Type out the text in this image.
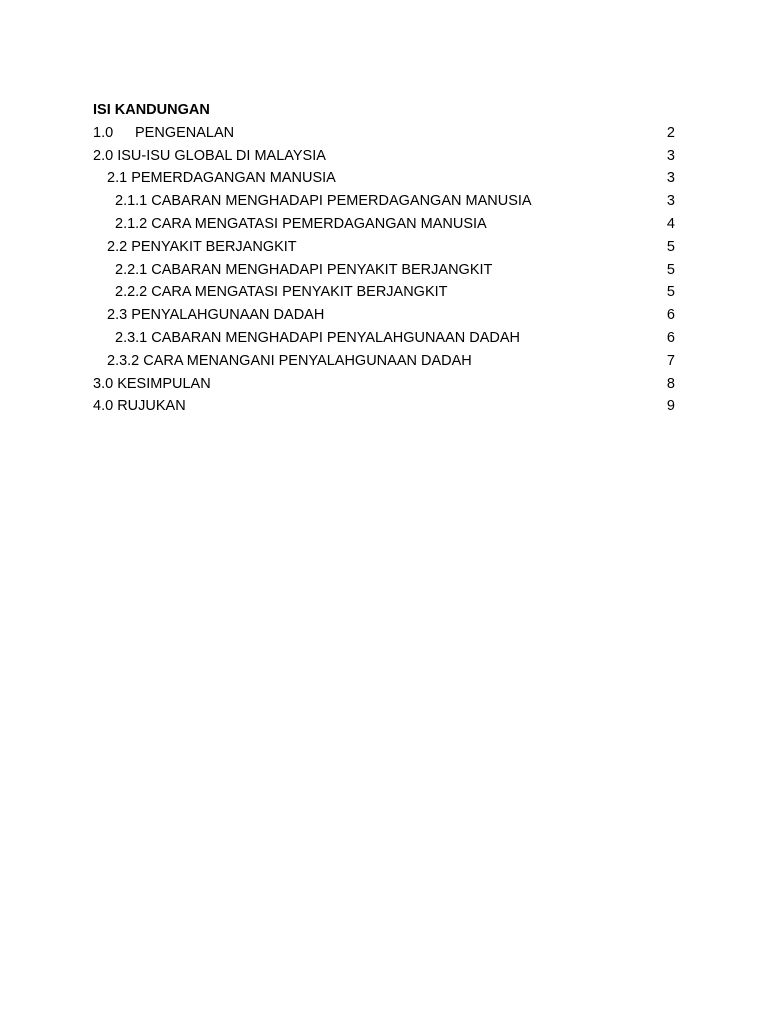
ISI KANDUNGAN
1.0 PENGENALAN	2
2.0 ISU-ISU GLOBAL DI MALAYSIA	3
2.1 PEMERDAGANGAN MANUSIA	3
2.1.1 CABARAN MENGHADAPI PEMERDAGANGAN MANUSIA	3
2.1.2 CARA MENGATASI PEMERDAGANGAN MANUSIA	4
2.2 PENYAKIT BERJANGKIT	5
2.2.1 CABARAN MENGHADAPI PENYAKIT BERJANGKIT	5
2.2.2 CARA MENGATASI PENYAKIT BERJANGKIT	5
2.3 PENYALAHGUNAAN DADAH	6
2.3.1 CABARAN MENGHADAPI PENYALAHGUNAAN DADAH	6
2.3.2 CARA MENANGANI PENYALAHGUNAAN DADAH	7
3.0 KESIMPULAN	8
4.0 RUJUKAN	9
